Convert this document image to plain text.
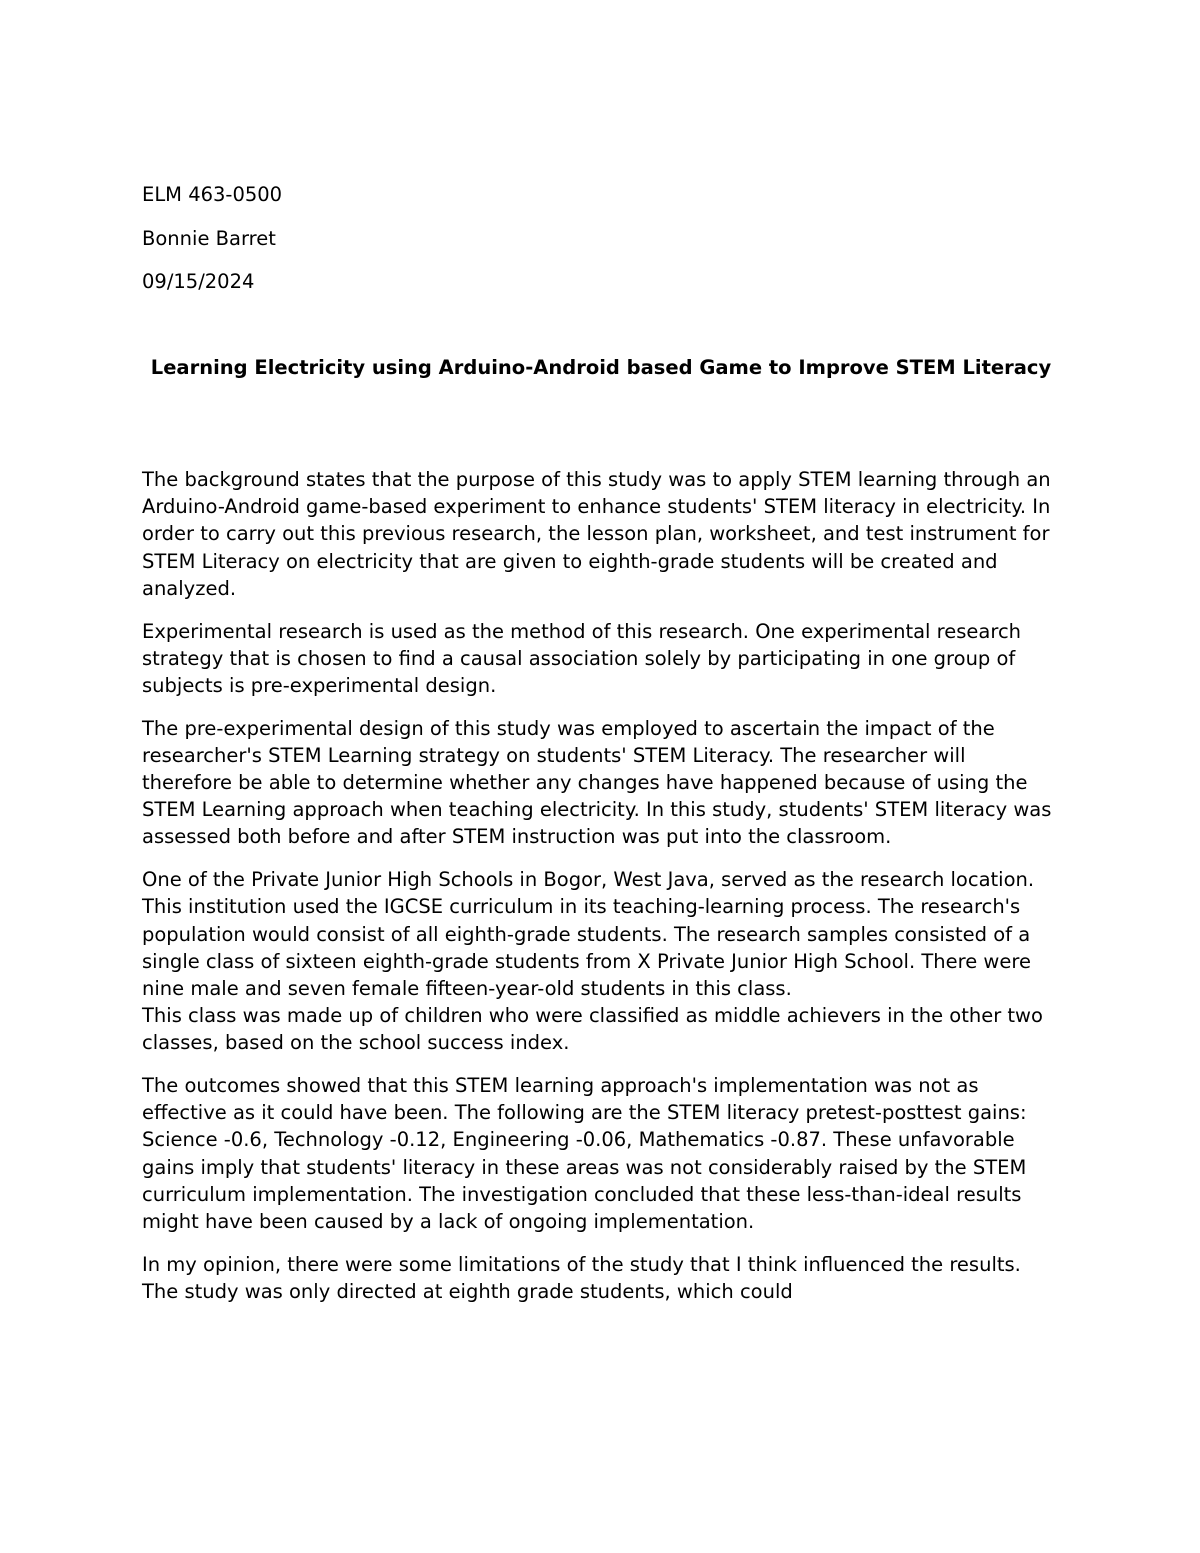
ELM 463-0500

Bonnie Barret

09/15/2024

Learning Electricity using Arduino-Android based Game to Improve STEM Literacy

The background states that the purpose of this study was to apply STEM learning through an Arduino-Android game-based experiment to enhance students' STEM literacy in electricity. In order to carry out this previous research, the lesson plan, worksheet, and test instrument for STEM Literacy on electricity that are given to eighth-grade students will be created and analyzed.

Experimental research is used as the method of this research. One experimental research strategy that is chosen to find a causal association solely by participating in one group of subjects is pre-experimental design.

The pre-experimental design of this study was employed to ascertain the impact of the researcher's STEM Learning strategy on students' STEM Literacy. The researcher will therefore be able to determine whether any changes have happened because of using the STEM Learning approach when teaching electricity. In this study, students' STEM literacy was assessed both before and after STEM instruction was put into the classroom.

One of the Private Junior High Schools in Bogor, West Java, served as the research location.

This institution used the IGCSE curriculum in its teaching-learning process. The research's population would consist of all eighth-grade students. The research samples consisted of a single class of sixteen eighth-grade students from X Private Junior High School. There were nine male and seven female fifteen-year-old students in this class.

This class was made up of children who were classified as middle achievers in the other two classes, based on the school success index.

The outcomes showed that this STEM learning approach's implementation was not as effective as it could have been. The following are the STEM literacy pretest-posttest gains: Science -0.6, Technology -0.12, Engineering -0.06, Mathematics -0.87. These unfavorable gains imply that students' literacy in these areas was not considerably raised by the STEM curriculum implementation. The investigation concluded that these less-than-ideal results might have been caused by a lack of ongoing implementation.

In my opinion, there were some limitations of the study that I think influenced the results. The study was only directed at eighth grade students, which could
